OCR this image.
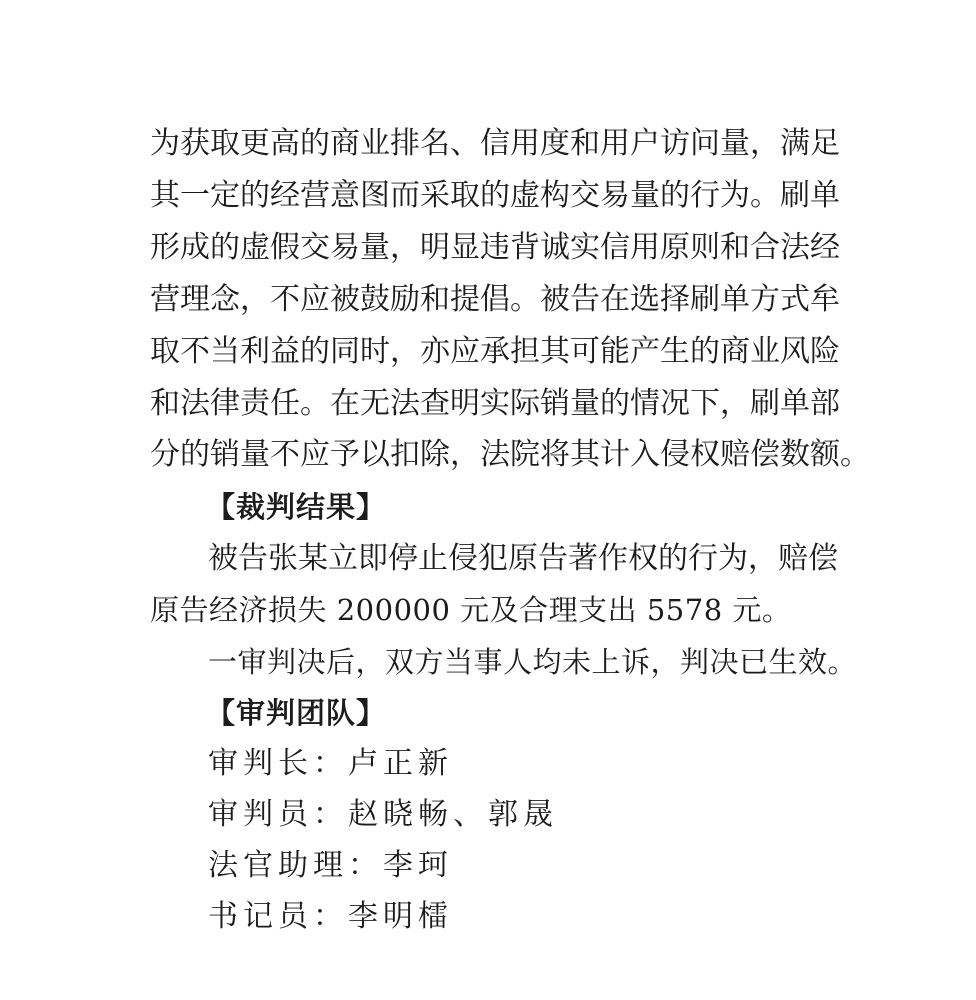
为 获 取 更 高 的 商 业 排 名 、 信 用 度 和 用 户 访 问 量 ， 满 足
其 一 定 的 经 营 意 图 而 采 取 的 虚 构 交 易 量 的 行 为 。 刷 单
形 成 的 虚 假 交 易 量 ， 明 显 违 背 诚 实 信 用 原 则 和 合 法 经
营 理 念 ， 不 应 被 鼓 励 和 提 倡 。 被 告 在 选 择 刷 单 方 式 牟
取 不 当 利 益 的 同 时 ， 亦 应 承 担 其 可 能 产 生 的 商 业 风 险
和 法 律 责 任 。 在 无 法 查 明 实 际 销 量 的 情 况 下 ， 刷 单 部
分 的 销 量 不 应 予 以 扣 除 ， 法 院 将 其 计 入 侵 权 赔 偿 数 额 。
【裁判结果】
被 告 张 某 立 即 停 止 侵 犯 原 告 著 作 权 的 行 为 ， 赔 偿
原告经济损失 200000 元及合理支出 5578 元。
一审判决后，双方当事人均未上诉，判决已生效。
【审判团队】
审判长：卢正新
审判员：赵晓畅、郭晟
法官助理：李珂
书记员：李明檑
